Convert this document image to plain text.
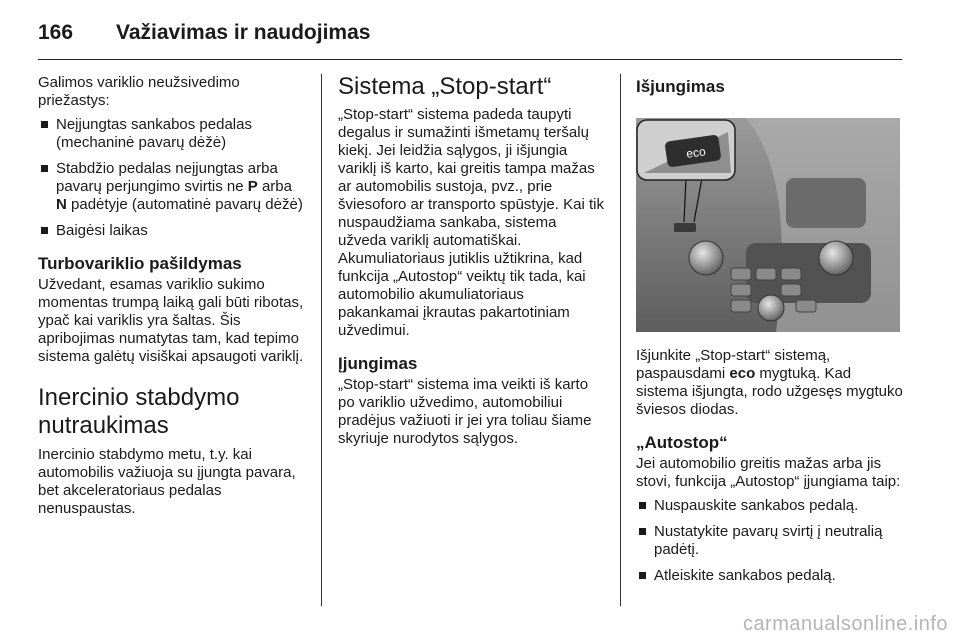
166	Važiavimas ir naudojimas

Galimos variklio neužsivedimo priežastys:

Neįjungtas sankabos pedalas (mechaninė pavarų dėžė)
Stabdžio pedalas neįjungtas arba pavarų perjungimo svirtis ne P arba N padėtyje (automatinė pavarų dėžė)
Baigėsi laikas
Turbovariklio pašildymas

Užvedant, esamas variklio sukimo momentas trumpą laiką gali būti ribotas, ypač kai variklis yra šaltas. Šis apribojimas numatytas tam, kad tepimo sistema galėtų visiškai apsaugoti variklį.

Inercinio stabdymo nutraukimas

Inercinio stabdymo metu, t.y. kai automobilis važiuoja su įjungta pavara, bet akceleratoriaus pedalas nenuspaustas.

Sistema „Stop-start“

„Stop-start“ sistema padeda taupyti degalus ir sumažinti išmetamų teršalų kiekį. Jei leidžia sąlygos, ji išjungia variklį iš karto, kai greitis tampa mažas ar automobilis sustoja, pvz., prie šviesoforo ar transporto spūstyje. Kai tik nuspaudžiama sankaba, sistema užveda variklį automatiškai. Akumuliatoriaus jutiklis užtikrina, kad funkcija „Autostop“ veiktų tik tada, kai automobilio akumuliatoriaus pakankamai įkrautas pakartotiniam užvedimui.

Įjungimas

„Stop-start“ sistema ima veikti iš karto po variklio užvedimo, automobiliui pradėjus važiuoti ir jei yra toliau šiame skyriuje nurodytos sąlygos.

Išjungimas
eco

Išjunkite „Stop-start“ sistemą, paspausdami eco mygtuką. Kad sistema išjungta, rodo užgesęs mygtuko šviesos diodas.

„Autostop“

Jei automobilio greitis mažas arba jis stovi, funkcija „Autostop“ įjungiama taip:

Nuspauskite sankabos pedalą.
Nustatykite pavarų svirtį į neutralią padėtį.
Atleiskite sankabos pedalą.
carmanualsonline.info
